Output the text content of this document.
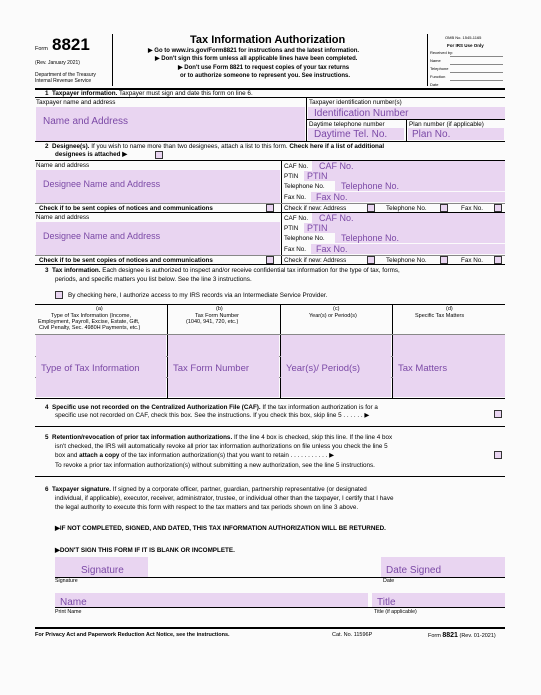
Form 8821
(Rev. January 2021)
Department of the Treasury
Internal Revenue Service
Tax Information Authorization
▶ Go to www.irs.gov/Form8821 for instructions and the latest information.
▶ Don't sign this form unless all applicable lines have been completed.
▶ Don't use Form 8821 to request copies of your tax returns
or to authorize someone to represent you. See instructions.
OMB No. 1545-1165
For IRS Use Only
Received by:
Name
Telephone
Function
Date
1 Taxpayer information. Taxpayer must sign and date this form on line 6.
Taxpayer name and address	Taxpayer identification number(s)
Name and Address
Identification Number
Daytime telephone number	Plan number (if applicable)
Daytime Tel. No. Plan No.
2 Designee(s). If you wish to name more than two designees, attach a list to this form. Check here if a list of additional
designees is attached ▶
Name and address
Designee Name and Address
CAF No. CAF No.
PTIN PTIN
Telephone No. Telephone No.
Fax No. Fax No.
Check if to be sent copies of notices and communications	Check if new: Address	Telephone No.	Fax No.
Name and address
Designee Name and Address
CAF No. CAF No.
PTIN PTIN
Telephone No. Telephone No.
Fax No. Fax No.
Check if to be sent copies of notices and communications	Check if new: Address	Telephone No.	Fax No.
3 Tax information. Each designee is authorized to inspect and/or receive confidential tax information for the type of tax, forms,
periods, and specific matters you list below. See the line 3 instructions.
By checking here, I authorize access to my IRS records via an Intermediate Service Provider.
(a)
Type of Tax Information (Income,
Employment, Payroll, Excise, Estate, Gift,
Civil Penalty, Sec. 4980H Payments, etc.)
(b)
Tax Form Number
(1040, 941, 720, etc.)
(c)
Year(s) or Period(s)
(d)
Specific Tax Matters
Type of Tax Information	Tax Form Number	Year(s)/ Period(s)	Tax Matters
4 Specific use not recorded on the Centralized Authorization File (CAF). If the tax information authorization is for a
specific use not recorded on CAF, check this box. See the instructions. If you check this box, skip line 5 . . . . . . ▶
5 Retention/revocation of prior tax information authorizations. If the line 4 box is checked, skip this line. If the line 4 box
isn't checked, the IRS will automatically revoke all prior tax information authorizations on file unless you check the line 5
box and attach a copy of the tax information authorization(s) that you want to retain . . . . . . . . . . . ▶
To revoke a prior tax information authorization(s) without submitting a new authorization, see the line 5 instructions.
6 Taxpayer signature. If signed by a corporate officer, partner, guardian, partnership representative (or designated
individual, if applicable), executor, receiver, administrator, trustee, or individual other than the taxpayer, I certify that I have
the legal authority to execute this form with respect to the tax matters and tax periods shown on line 3 above.
▶IF NOT COMPLETED, SIGNED, AND DATED, THIS TAX INFORMATION AUTHORIZATION WILL BE RETURNED.
▶DON'T SIGN THIS FORM IF IT IS BLANK OR INCOMPLETE.
Signature	Date Signed
Signature	Date
Name	Title
Print Name	Title (if applicable)
For Privacy Act and Paperwork Reduction Act Notice, see the instructions.	Cat. No. 11596P	Form 8821 (Rev. 01-2021)
